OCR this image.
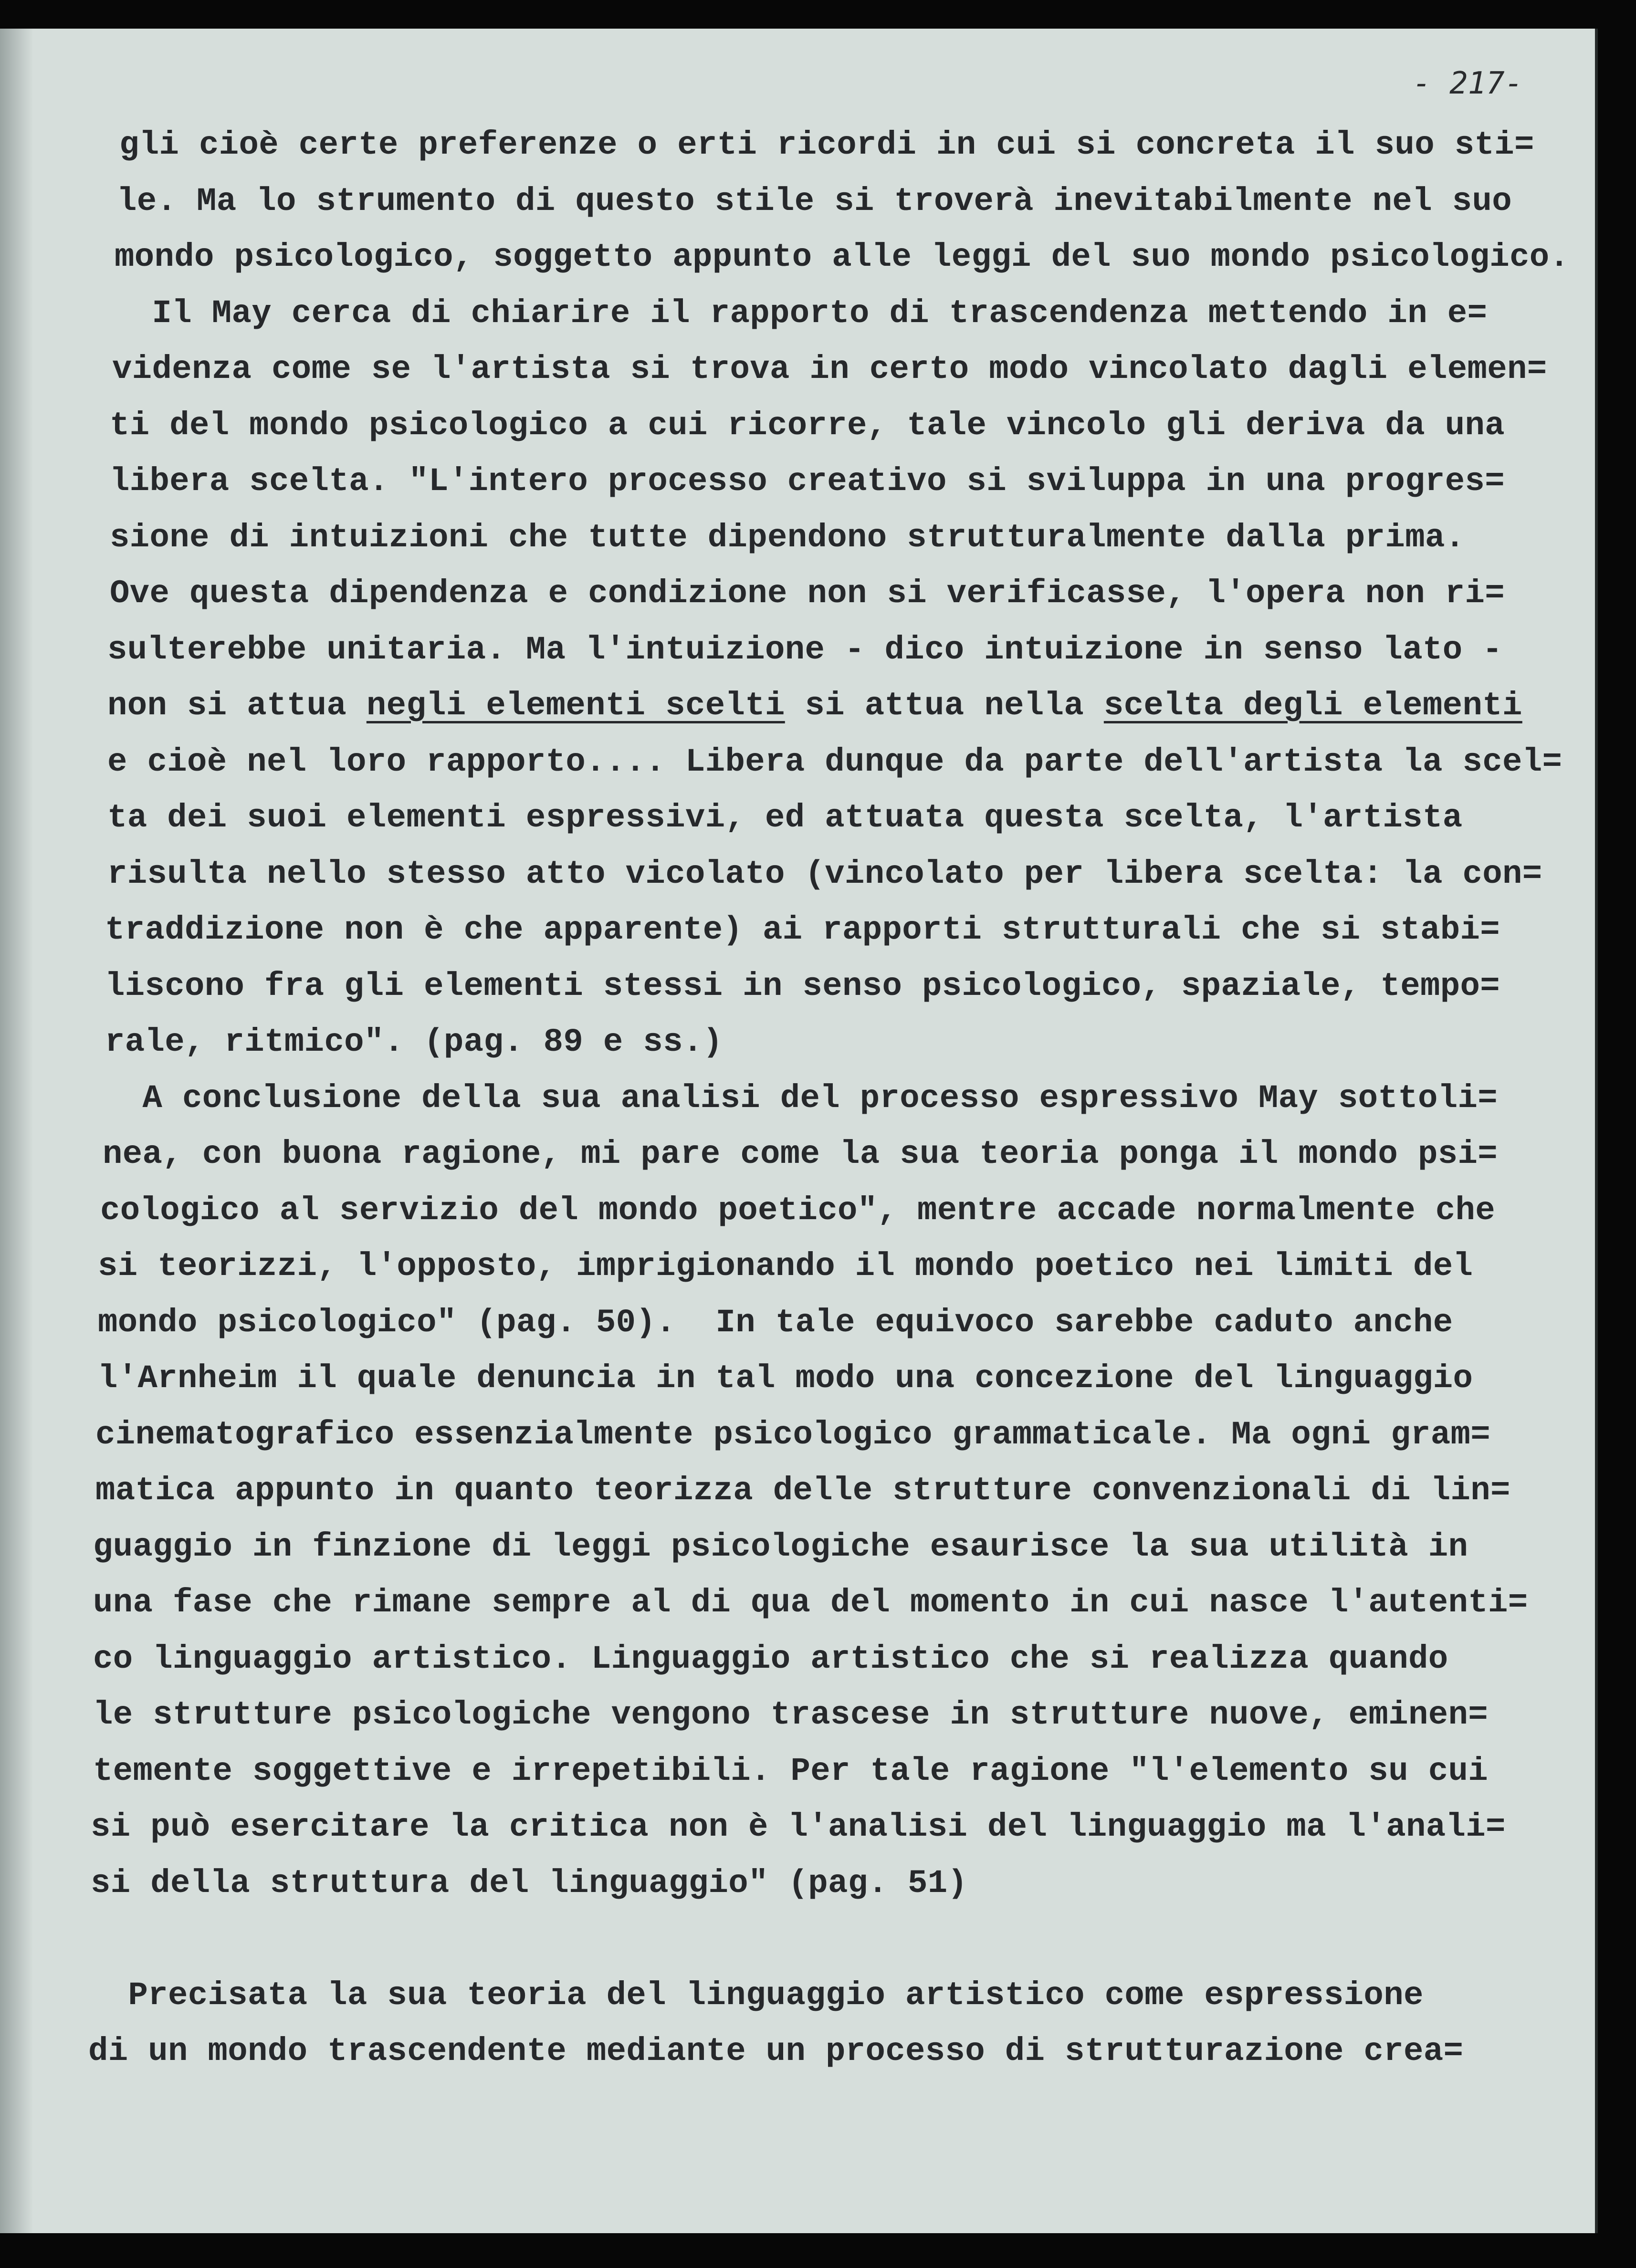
- 217-
gli cioè certe preferenze o erti ricordi in cui si concreta il suo sti=
le. Ma lo strumento di questo stile si troverà inevitabilmente nel suo
mondo psicologico, soggetto appunto alle leggi del suo mondo psicologico.
Il May cerca di chiarire il rapporto di trascendenza mettendo in e=
videnza come se l'artista si trova in certo modo vincolato dagli elemen=
ti del mondo psicologico a cui ricorre, tale vincolo gli deriva da una
libera scelta. "L'intero processo creativo si sviluppa in una progres=
sione di intuizioni che tutte dipendono strutturalmente dalla prima.
Ove questa dipendenza e condizione non si verificasse, l'opera non ri=
sulterebbe unitaria. Ma l'intuizione - dico intuizione in senso lato -
non si attua negli elementi scelti si attua nella scelta degli elementi
e cioè nel loro rapporto.... Libera dunque da parte dell'artista la scel=
ta dei suoi elementi espressivi, ed attuata questa scelta, l'artista
risulta nello stesso atto vicolato (vincolato per libera scelta: la con=
traddizione non è che apparente) ai rapporti strutturali che si stabi=
liscono fra gli elementi stessi in senso psicologico, spaziale, tempo=
rale, ritmico". (pag. 89 e ss.)
A conclusione della sua analisi del processo espressivo May sottoli=
nea, con buona ragione, mi pare come la sua teoria ponga il mondo psi=
cologico al servizio del mondo poetico", mentre accade normalmente che
si teorizzi, l'opposto, imprigionando il mondo poetico nei limiti del
mondo psicologico" (pag. 50).  In tale equivoco sarebbe caduto anche
l'Arnheim il quale denuncia in tal modo una concezione del linguaggio
cinematografico essenzialmente psicologico grammaticale. Ma ogni gram=
matica appunto in quanto teorizza delle strutture convenzionali di lin=
guaggio in finzione di leggi psicologiche esaurisce la sua utilità in
una fase che rimane sempre al di qua del momento in cui nasce l'autenti=
co linguaggio artistico. Linguaggio artistico che si realizza quando
le strutture psicologiche vengono trascese in strutture nuove, eminen=
temente soggettive e irrepetibili. Per tale ragione "l'elemento su cui
si può esercitare la critica non è l'analisi del linguaggio ma l'anali=
si della struttura del linguaggio" (pag. 51)
Precisata la sua teoria del linguaggio artistico come espressione
di un mondo trascendente mediante un processo di strutturazione crea=
